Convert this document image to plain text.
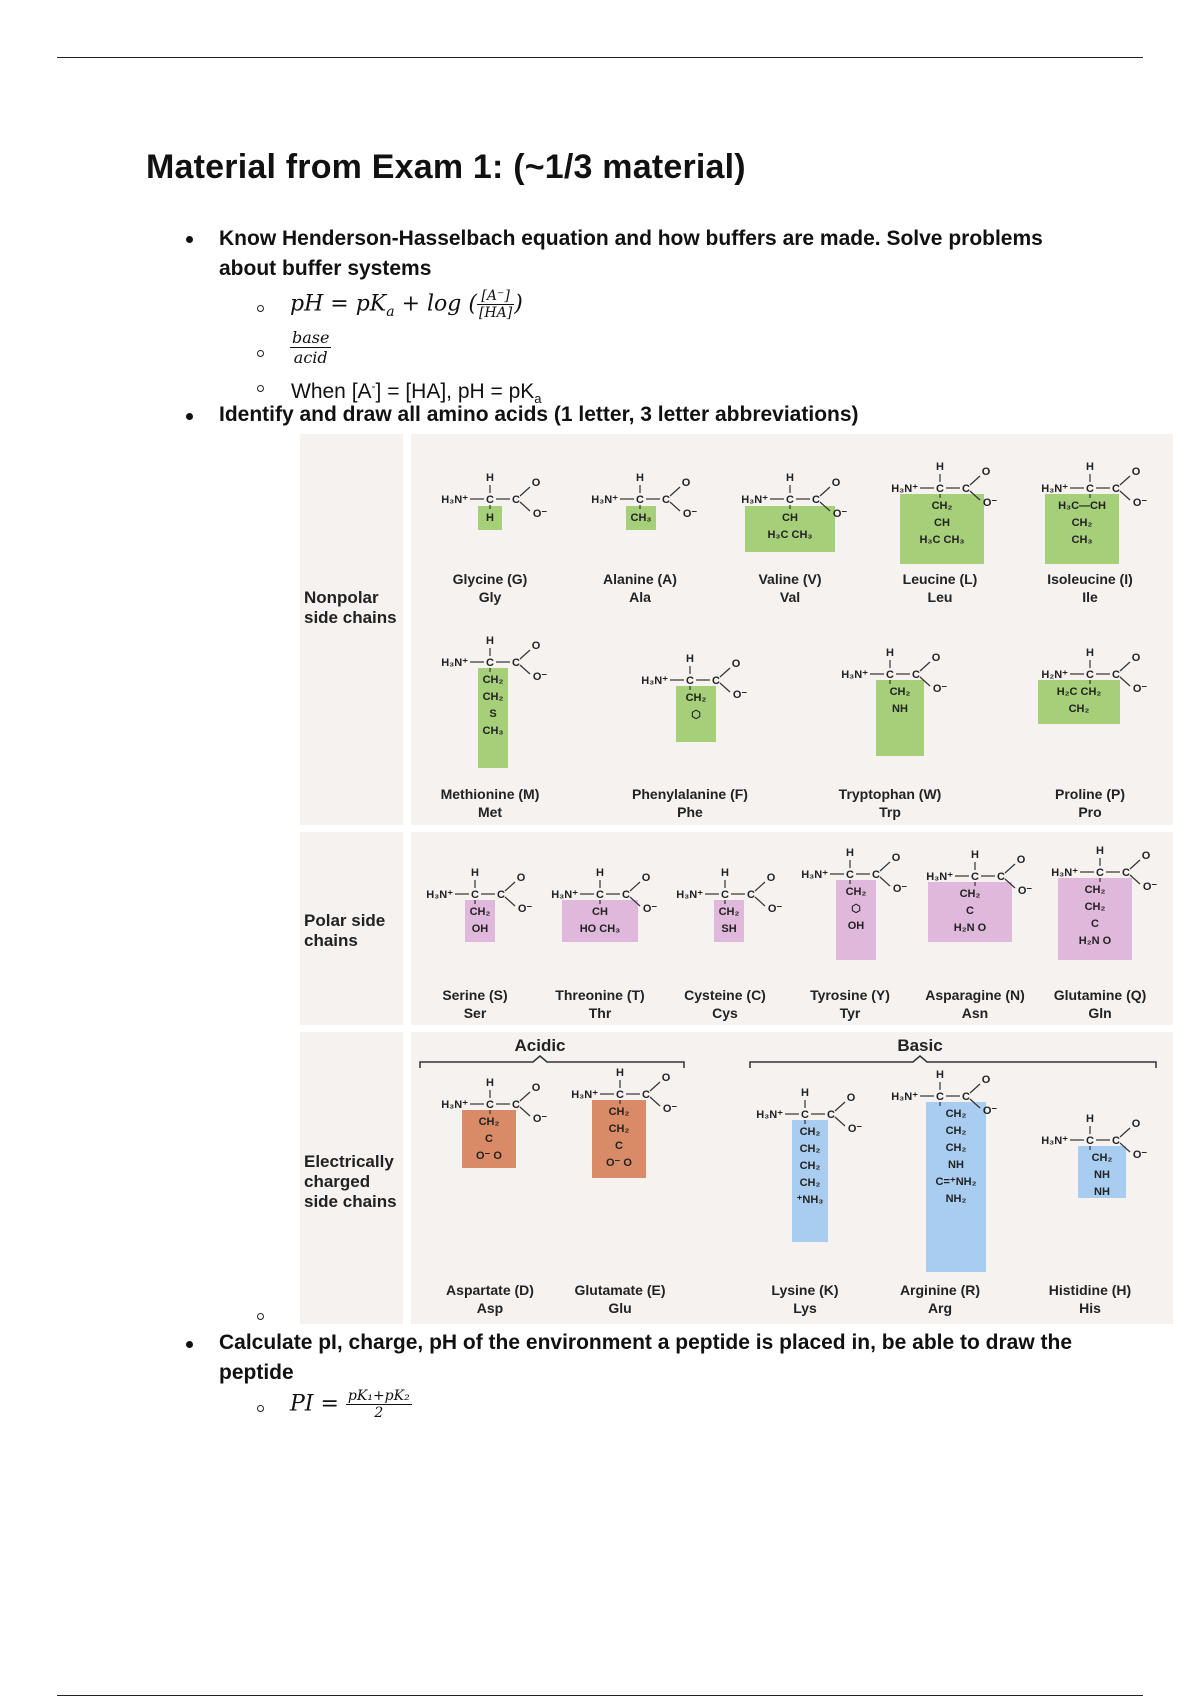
Material from Exam 1: (~1/3 material)
Know Henderson-Hasselbach equation and how buffers are made. Solve problems
about buffer systems
pH = $pK_a + \log$ ( $\frac{[A^-]}{[HA]}$ )
$\frac{\text{base}}{\text{acid}}$
When [A-] = [HA], pH = $pK_a$
Identify and draw all amino acids (1 letter, 3 letter abbreviations)
Nonpolar
side chains
Polar side
chains
Electrically
charged
side chains
Acidic	Basic
H₃N⁺ C
H
C
O
O⁻
H
H₃N⁺ C
H
C
O
O⁻
CH₃
H₃N⁺ C
H
C
O
O⁻
CH
H₃C CH₃
H₃N⁺ C
H
C
O
O⁻
CH₂
CH
H₃C CH₃
H₃N⁺ C
H
C
O
O⁻
H₃C—CH
CH₂
CH₃
H₃N⁺ C
H
C
O
O⁻
CH₂
CH₂
S
CH₃
H₃N⁺ C
H
C
O
O⁻
CH₂
⬡
H₃N⁺ C
H
C
O
O⁻
CH₂
NH
H₂N⁺ C
H
C
O
O⁻
H₂C CH₂
CH₂
H₃N⁺ C
H
C
O
O⁻
CH₂
OH
H₃N⁺ C
H
C
O
O⁻
CH
HO CH₃
H₃N⁺ C
H
C
O
O⁻
CH₂
SH
H₃N⁺ C
H
C
O
O⁻
CH₂
⬡
OH
H₃N⁺ C
H
C
O
O⁻
CH₂
C
H₂N O
H₃N⁺ C
H
C
O
O⁻
CH₂
CH₂
C
H₂N O
H₃N⁺ C
H
C
O
O⁻
CH₂
C
O⁻ O
H₃N⁺ C
H
C
O
O⁻
CH₂
CH₂
C
O⁻ O
H₃N⁺ C
H
C
O
O⁻
CH₂
CH₂
CH₂
CH₂
⁺NH₃
H₃N⁺ C
H
C
O
O⁻
CH₂
CH₂
CH₂
NH
C=⁺NH₂
NH₂
H₃N⁺ C
H
C
O
O⁻
CH₂
NH
NH
Glycine (G)
Gly
Alanine (A)
Ala
Valine (V)
Val
Leucine (L)
Leu
Isoleucine (I)
Ile
Methionine (M)
Met
Phenylalanine (F)
Phe
Tryptophan (W)
Trp
Proline (P)
Pro
Serine (S)
Ser
Threonine (T)
Thr
Cysteine (C)
Cys
Tyrosine (Y)
Tyr
Asparagine (N)
Asn
Glutamine (Q)
Gln
Aspartate (D)
Asp
Glutamate (E)
Glu
Lysine (K)
Lys
Arginine (R)
Arg
Histidine (H)
His
Calculate pI, charge, pH of the environment a peptide is placed in, be able to draw the
peptide
PI = $\frac{\text{pK₁+pK₂}}{2}$
